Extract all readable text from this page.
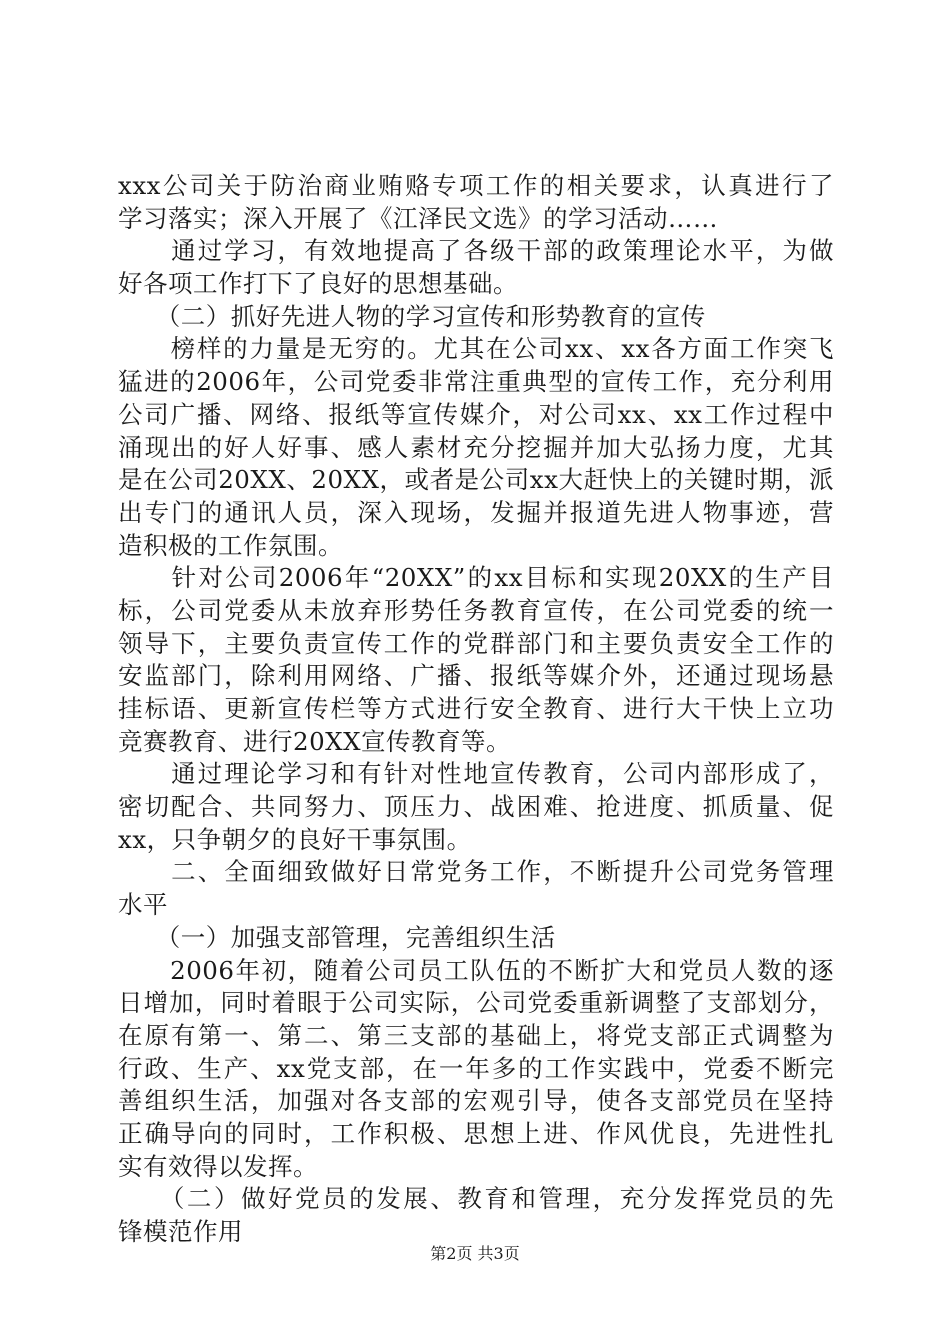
xxx公司关于防治商业贿赂专项工作的相关要求，认真进行了
学习落实；深入开展了《江泽民文选》的学习活动……
　　通过学习，有效地提高了各级干部的政策理论水平，为做
好各项工作打下了良好的思想基础。
　　（二）抓好先进人物的学习宣传和形势教育的宣传
　　榜样的力量是无穷的。尤其在公司xx、xx各方面工作突飞
猛进的2006年，公司党委非常注重典型的宣传工作，充分利用
公司广播、网络、报纸等宣传媒介，对公司xx、xx工作过程中
涌现出的好人好事、感人素材充分挖掘并加大弘扬力度，尤其
是在公司20XX、20XX，或者是公司xx大赶快上的关键时期，派
出专门的通讯人员，深入现场，发掘并报道先进人物事迹，营
造积极的工作氛围。
　　针对公司2006年“20XX”的xx目标和实现20XX的生产目
标，公司党委从未放弃形势任务教育宣传，在公司党委的统一
领导下，主要负责宣传工作的党群部门和主要负责安全工作的
安监部门，除利用网络、广播、报纸等媒介外，还通过现场悬
挂标语、更新宣传栏等方式进行安全教育、进行大干快上立功
竞赛教育、进行20XX宣传教育等。
　　通过理论学习和有针对性地宣传教育，公司内部形成了，
密切配合、共同努力、顶压力、战困难、抢进度、抓质量、促
xx，只争朝夕的良好干事氛围。
　　二、全面细致做好日常党务工作，不断提升公司党务管理
水平
　　（一）加强支部管理，完善组织生活
　　2006年初，随着公司员工队伍的不断扩大和党员人数的逐
日增加，同时着眼于公司实际，公司党委重新调整了支部划分，
在原有第一、第二、第三支部的基础上，将党支部正式调整为
行政、生产、xx党支部，在一年多的工作实践中，党委不断完
善组织生活，加强对各支部的宏观引导，使各支部党员在坚持
正确导向的同时，工作积极、思想上进、作风优良，先进性扎
实有效得以发挥。
　　（二）做好党员的发展、教育和管理，充分发挥党员的先
锋模范作用
第2页 共3页
